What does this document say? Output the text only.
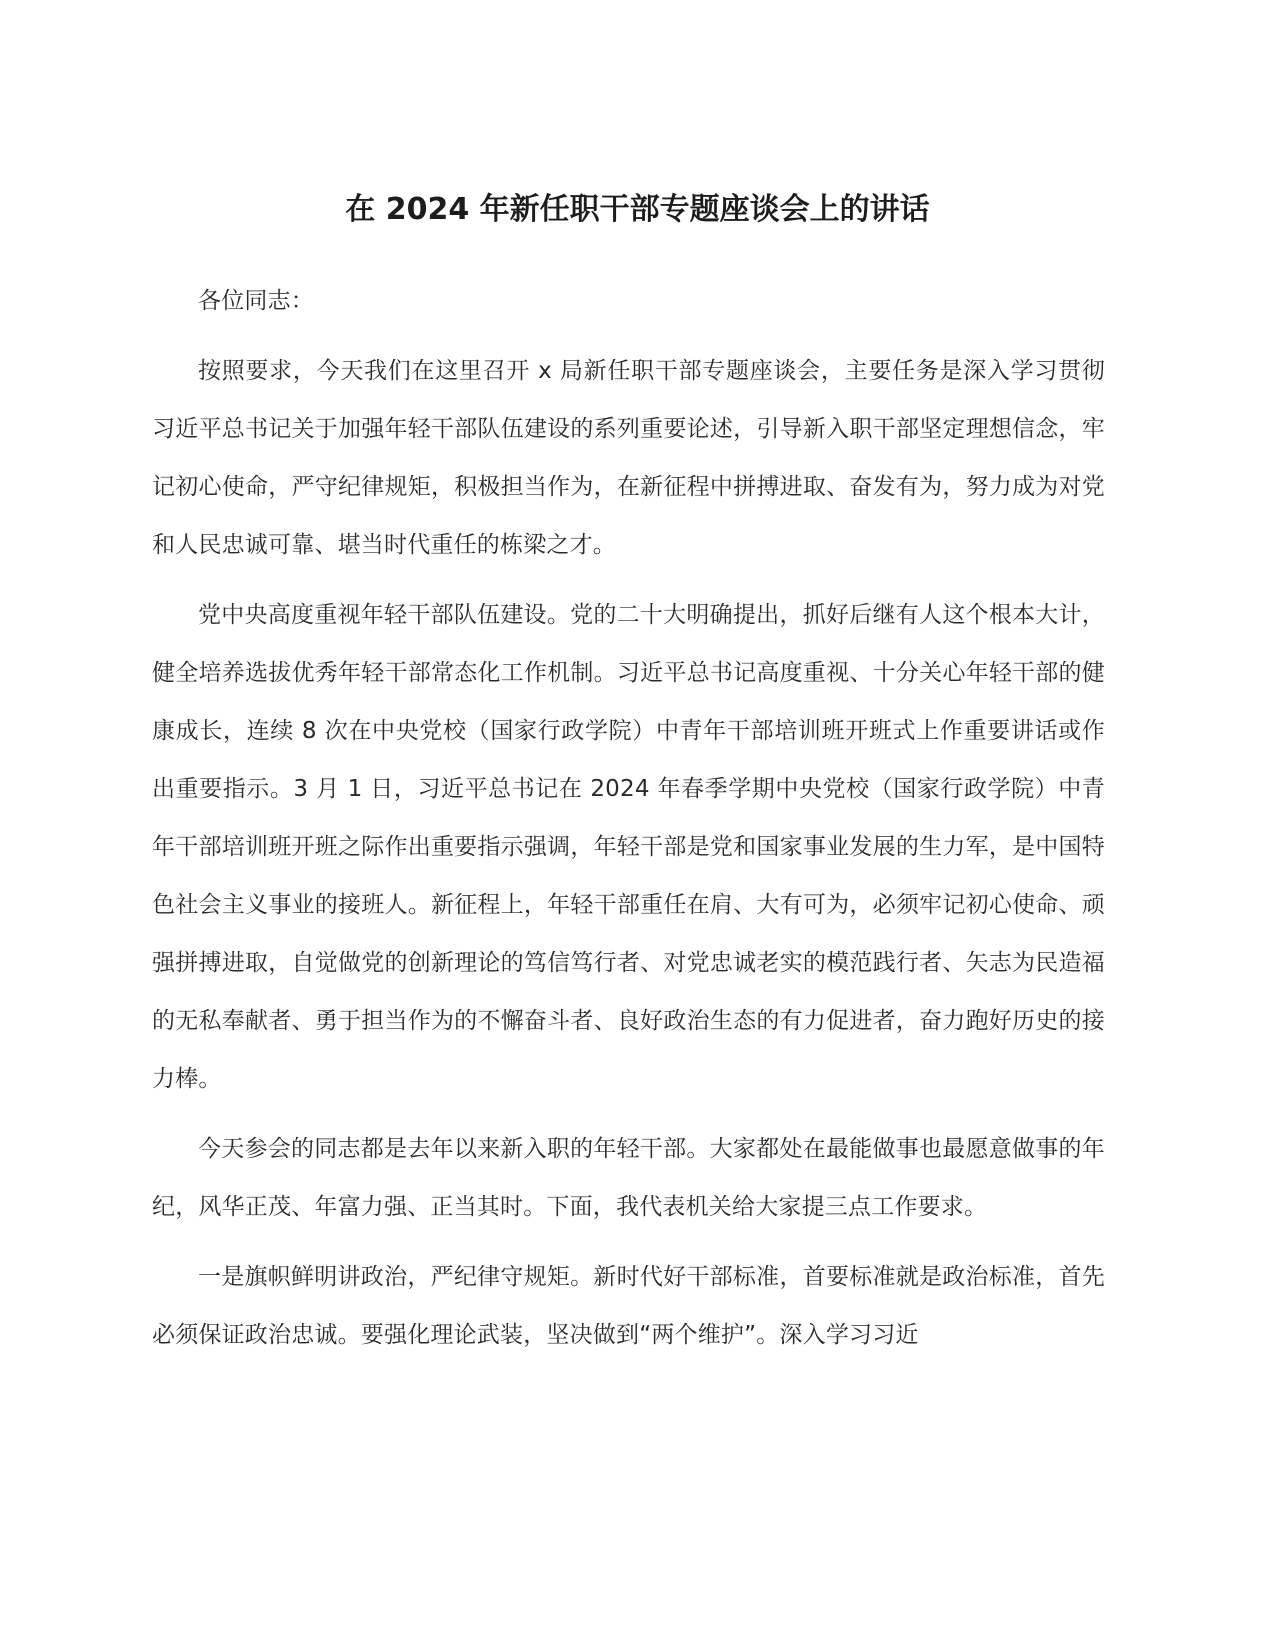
在 2024 年新任职干部专题座谈会上的讲话

各位同志：

按照要求，今天我们在这里召开 x 局新任职干部专题座谈会，主要任务是深入学习贯彻习近平总书记关于加强年轻干部队伍建设的系列重要论述，引导新入职干部坚定理想信念，牢记初心使命，严守纪律规矩，积极担当作为，在新征程中拼搏进取、奋发有为，努力成为对党和人民忠诚可靠、堪当时代重任的栋梁之才。

党中央高度重视年轻干部队伍建设。党的二十大明确提出，抓好后继有人这个根本大计，健全培养选拔优秀年轻干部常态化工作机制。习近平总书记高度重视、十分关心年轻干部的健康成长，连续 8 次在中央党校（国家行政学院）中青年干部培训班开班式上作重要讲话或作出重要指示。3 月 1 日，习近平总书记在 2024 年春季学期中央党校（国家行政学院）中青年干部培训班开班之际作出重要指示强调，年轻干部是党和国家事业发展的生力军，是中国特色社会主义事业的接班人。新征程上，年轻干部重任在肩、大有可为，必须牢记初心使命、顽强拼搏进取，自觉做党的创新理论的笃信笃行者、对党忠诚老实的模范践行者、矢志为民造福的无私奉献者、勇于担当作为的不懈奋斗者、良好政治生态的有力促进者，奋力跑好历史的接力棒。

今天参会的同志都是去年以来新入职的年轻干部。大家都处在最能做事也最愿意做事的年纪，风华正茂、年富力强、正当其时。下面，我代表机关给大家提三点工作要求。

一是旗帜鲜明讲政治，严纪律守规矩。新时代好干部标准，首要标准就是政治标准，首先必须保证政治忠诚。要强化理论武装，坚决做到“两个维护”。深入学习习近
